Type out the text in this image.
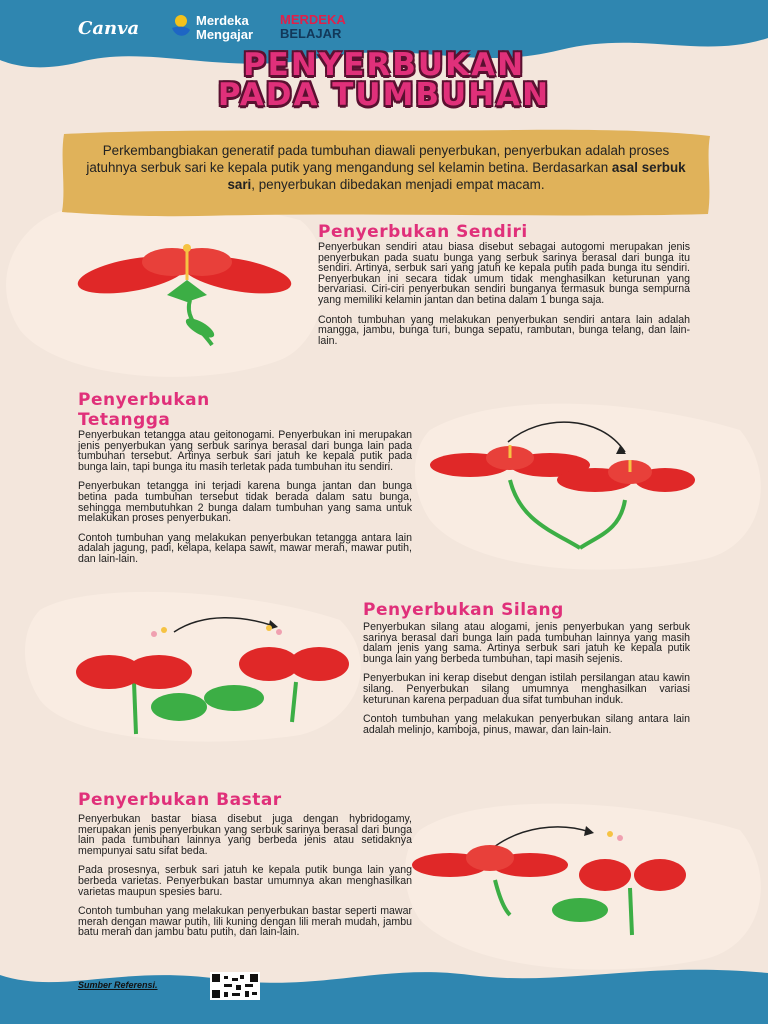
Canva	Merdeka
Mengajar
MERDEKA
BELAJAR
PENYERBUKAN
PADA TUMBUHAN
Perkembangbiakan generatif pada tumbuhan diawali penyerbukan, penyerbukan adalah proses jatuhnya serbuk sari ke kepala putik yang mengandung sel kelamin betina. Berdasarkan asal serbuk sari, penyerbukan dibedakan menjadi empat macam.
Penyerbukan Sendiri

Penyerbukan sendiri atau biasa disebut sebagai autogomi merupakan jenis penyerbukan pada suatu bunga yang serbuk sarinya berasal dari bunga itu sendiri. Artinya, serbuk sari yang jatuh ke kepala putih pada bunga itu sendiri. Penyerbukan ini secara tidak umum tidak menghasilkan keturunan yang bervariasi. Ciri-ciri penyerbukan sendiri bunganya termasuk bunga sempurna yang memiliki kelamin jantan dan betina dalam 1 bunga saja.

Contoh tumbuhan yang melakukan penyerbukan sendiri antara lain adalah mangga, jambu, bunga turi, bunga sepatu, rambutan, bunga telang, dan lain-lain.

Penyerbukan
Tetangga

Penyerbukan tetangga atau geitonogami. Penyerbukan ini merupakan jenis penyerbukan yang serbuk sarinya berasal dari bunga lain pada tumbuhan tersebut. Artinya serbuk sari jatuh ke kepala putik pada bunga lain, tapi bunga itu masih terletak pada tumbuhan itu sendiri.

Penyerbukan tetangga ini terjadi karena bunga jantan dan bunga betina pada tumbuhan tersebut tidak berada dalam satu bunga, sehingga membutuhkan 2 bunga dalam tumbuhan yang sama untuk melakukan proses penyerbukan.

Contoh tumbuhan yang melakukan penyerbukan tetangga antara lain adalah jagung, padi, kelapa, kelapa sawit, mawar merah, mawar putih, dan lain-lain.

Penyerbukan Silang

Penyerbukan silang atau alogami, jenis penyerbukan yang serbuk sarinya berasal dari bunga lain pada tumbuhan lainnya yang masih dalam jenis yang sama. Artinya serbuk sari jatuh ke kepala putik bunga lain yang berbeda tumbuhan, tapi masih sejenis.

Penyerbukan ini kerap disebut dengan istilah persilangan atau kawin silang. Penyerbukan silang umumnya menghasilkan variasi keturunan karena perpaduan dua sifat tumbuhan induk.

Contoh tumbuhan yang melakukan penyerbukan silang antara lain adalah melinjo, kamboja, pinus, mawar, dan lain-lain.

Penyerbukan Bastar

Penyerbukan bastar biasa disebut juga dengan hybridogamy, merupakan jenis penyerbukan yang serbuk sarinya berasal dari bunga lain pada tumbuhan lainnya yang berbeda jenis atau setidaknya mempunyai satu sifat beda.

Pada prosesnya, serbuk sari jatuh ke kepala putik bunga lain yang berbeda varietas. Penyerbukan bastar umumnya akan menghasilkan varietas maupun spesies baru.

Contoh tumbuhan yang melakukan penyerbukan bastar seperti mawar merah dengan mawar putih, lili kuning dengan lili merah mudah, jambu batu merah dan jambu batu putih, dan lain-lain.

Sumber Referensi.
